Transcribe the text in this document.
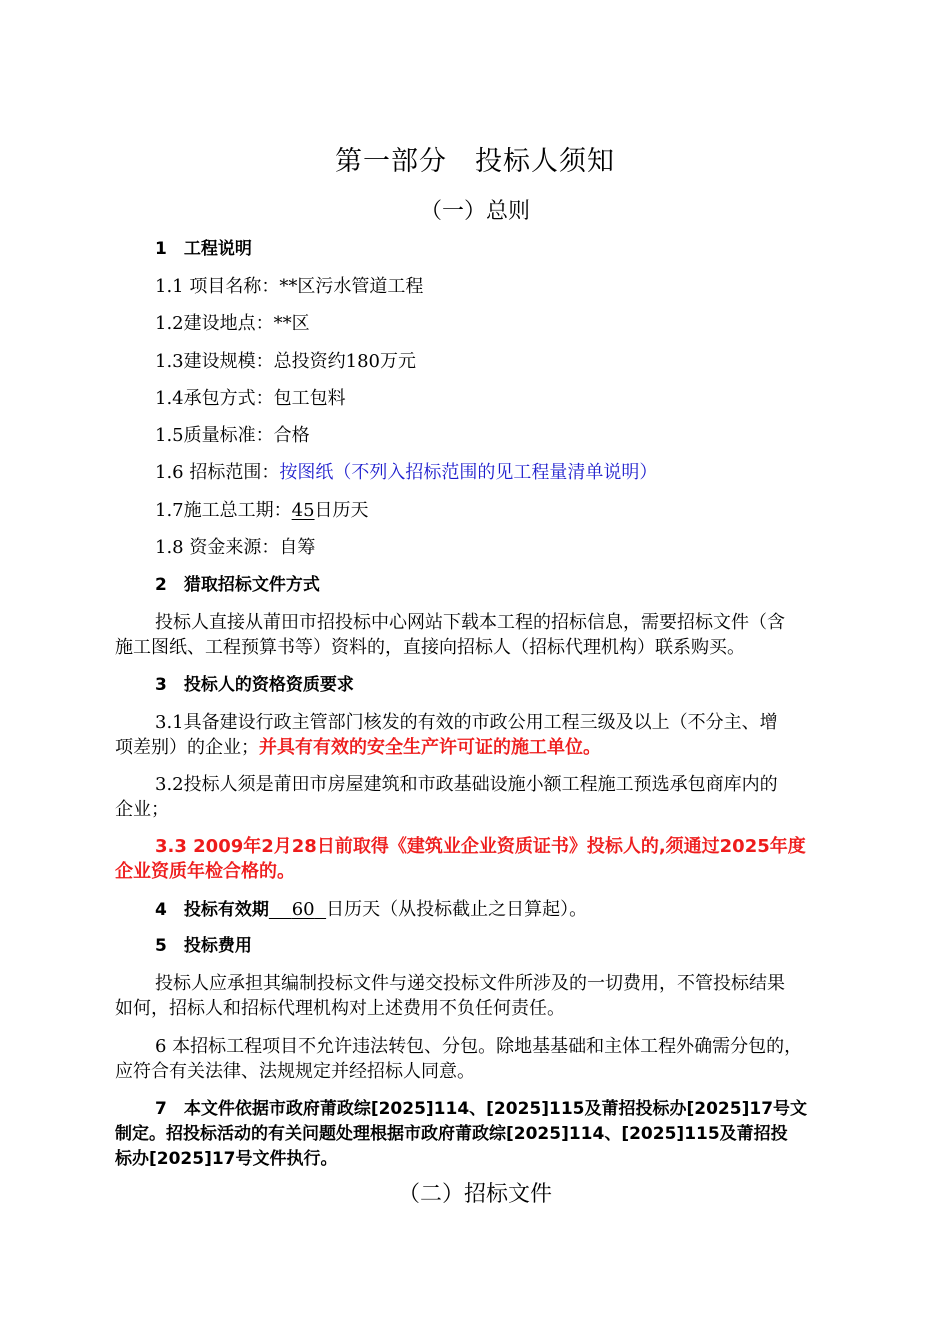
第一部分　投标人须知
（一）总则
1　工程说明
1.1 项目名称：**区污水管道工程
1.2建设地点：**区
1.3建设规模：总投资约180万元
1.4承包方式：包工包料
1.5质量标准：合格
1.6 招标范围：按图纸（不列入招标范围的见工程量清单说明）
1.7施工总工期：45日历天
1.8 资金来源：自筹
2　猎取招标文件方式
投标人直接从莆田市招投标中心网站下载本工程的招标信息，需要招标文件（含
施工图纸、工程预算书等）资料的，直接向招标人（招标代理机构）联系购买。
3　投标人的资格资质要求
3.1具备建设行政主管部门核发的有效的市政公用工程三级及以上（不分主、增
项差别）的企业；并具有有效的安全生产许可证的施工单位。
3.2投标人须是莆田市房屋建筑和市政基础设施小额工程施工预选承包商库内的
企业；
3.3 2009年2月28日前取得《建筑业企业资质证书》投标人的,须通过2025年度
企业资质年检合格的。
4　投标有效期 60 日历天（从投标截止之日算起）。
5　投标费用
投标人应承担其编制投标文件与递交投标文件所涉及的一切费用，不管投标结果
如何，招标人和招标代理机构对上述费用不负任何责任。
6 本招标工程项目不允许违法转包、分包。除地基基础和主体工程外确需分包的，
应符合有关法律、法规规定并经招标人同意。
7　本文件依据市政府莆政综[2025]114、[2025]115及莆招投标办[2025]17号文
制定。招投标活动的有关问题处理根据市政府莆政综[2025]114、[2025]115及莆招投
标办[2025]17号文件执行。
（二）招标文件
